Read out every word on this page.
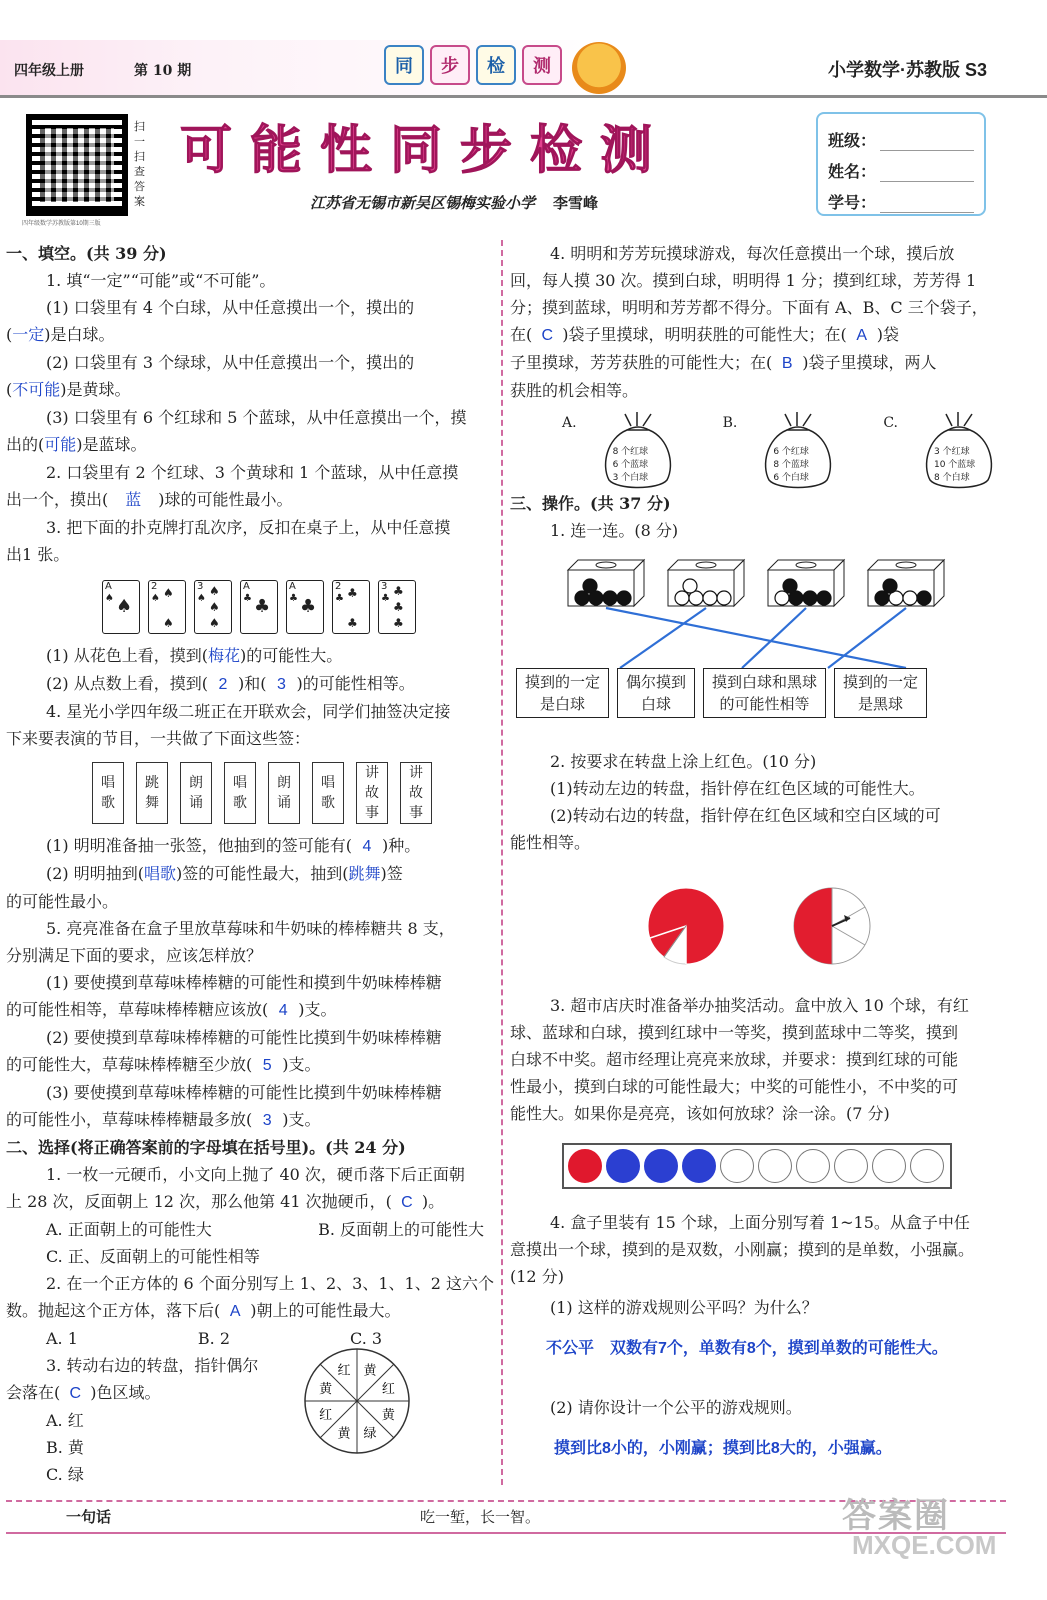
四年级上册	第 10 期	同	步	检	测	小学数学·苏教版 S3
扫
一
扫
查
答
案
四年级数学苏教版第10期三版
可能性同步检测
江苏省无锡市新吴区锡梅实验小学 李雪峰
班级：
姓名：
学号：
一、填空。(共 39 分)
1. 填“一定”“可能”或“不可能”。
(1) 口袋里有 4 个白球，从中任意摸出一个，摸出的
(一定)是白球。
(2) 口袋里有 3 个绿球，从中任意摸出一个，摸出的
(不可能)是黄球。
(3) 口袋里有 6 个红球和 5 个蓝球，从中任意摸出一个，摸
出的(可能)是蓝球。
2. 口袋里有 2 个红球、3 个黄球和 1 个蓝球，从中任意摸
出一个，摸出( 蓝 )球的可能性最小。
3. 把下面的扑克牌打乱次序，反扣在桌子上，从中任意摸
出1 张。
A
♠ ♠
2
♠ ♠
♠
3
♠
♠
♠
♠
A
♣ ♣
A
♣ ♣
2
♣ ♣
♣
3
♣
♣
♣
♣
(1) 从花色上看，摸到(梅花)的可能性大。
(2) 从点数上看，摸到( 2 )和( 3 )的可能性相等。
4. 星光小学四年级二班正在开联欢会，同学们抽签决定接
下来要表演的节目，一共做了下面这些签：
唱
歌
跳
舞
朗
诵
唱
歌
朗
诵
唱
歌
讲
故
事
讲
故
事
(1) 明明准备抽一张签，他抽到的签可能有( 4 )种。
(2) 明明抽到(唱歌)签的可能性最大，抽到(跳舞)签
的可能性最小。
5. 亮亮准备在盒子里放草莓味和牛奶味的棒棒糖共 8 支，
分别满足下面的要求，应该怎样放？
(1) 要使摸到草莓味棒棒糖的可能性和摸到牛奶味棒棒糖
的可能性相等，草莓味棒棒糖应该放( 4 )支。
(2) 要使摸到草莓味棒棒糖的可能性比摸到牛奶味棒棒糖
的可能性大，草莓味棒棒糖至少放( 5 )支。
(3) 要使摸到草莓味棒棒糖的可能性比摸到牛奶味棒棒糖
的可能性小，草莓味棒棒糖最多放( 3 )支。
二、选择(将正确答案前的字母填在括号里)。(共 24 分)
1. 一枚一元硬币，小文向上抛了 40 次，硬币落下后正面朝
上 28 次，反面朝上 12 次，那么他第 41 次抛硬币，( C )。
A. 正面朝上的可能性大	B. 反面朝上的可能性大
C. 正、反面朝上的可能性相等
2. 在一个正方体的 6 个面分别写上 1、2、3、1、1、2 这六个
数。抛起这个正方体，落下后( A )朝上的可能性最大。
A. 1	B. 2	C. 3
3. 转动右边的转盘，指针偶尔
会落在( C )色区域。
A. 红
B. 黄
C. 绿
黄
红
黄
绿
黄
红
黄
红
4. 明明和芳芳玩摸球游戏，每次任意摸出一个球，摸后放
回，每人摸 30 次。摸到白球，明明得 1 分；摸到红球，芳芳得 1
分；摸到蓝球，明明和芳芳都不得分。下面有 A、B、C 三个袋子，
在( C )袋子里摸球，明明获胜的可能性大；在( A )袋
子里摸球，芳芳获胜的可能性大；在( B )袋子里摸球，两人
获胜的机会相等。
A.
8 个红球
6 个蓝球
3 个白球
B.
6 个红球
8 个蓝球
6 个白球
C.
3 个红球
10 个蓝球
8 个白球
三、操作。(共 37 分)
1. 连一连。(8 分)
摸到的一定
是白球
偶尔摸到
白球
摸到白球和黑球
的可能性相等
摸到的一定
是黑球
2. 按要求在转盘上涂上红色。(10 分)
(1)转动左边的转盘，指针停在红色区域的可能性大。
(2)转动右边的转盘，指针停在红色区域和空白区域的可
能性相等。
3. 超市店庆时准备举办抽奖活动。盒中放入 10 个球，有红
球、蓝球和白球，摸到红球中一等奖，摸到蓝球中二等奖，摸到
白球不中奖。超市经理让亮亮来放球，并要求：摸到红球的可能
性最小，摸到白球的可能性最大；中奖的可能性小，不中奖的可
能性大。如果你是亮亮，该如何放球？涂一涂。(7 分)
4. 盒子里装有 15 个球，上面分别写着 1~15。从盒子中任
意摸出一个球，摸到的是双数，小刚赢；摸到的是单数，小强赢。
(12 分)
(1) 这样的游戏规则公平吗？为什么？
不公平　双数有7个，单数有8个，摸到单数的可能性大。
(2) 请你设计一个公平的游戏规则。
摸到比8小的，小刚赢；摸到比8大的，小强赢。
一句话	吃一堑，长一智。	答案圈
MXQE.COM
